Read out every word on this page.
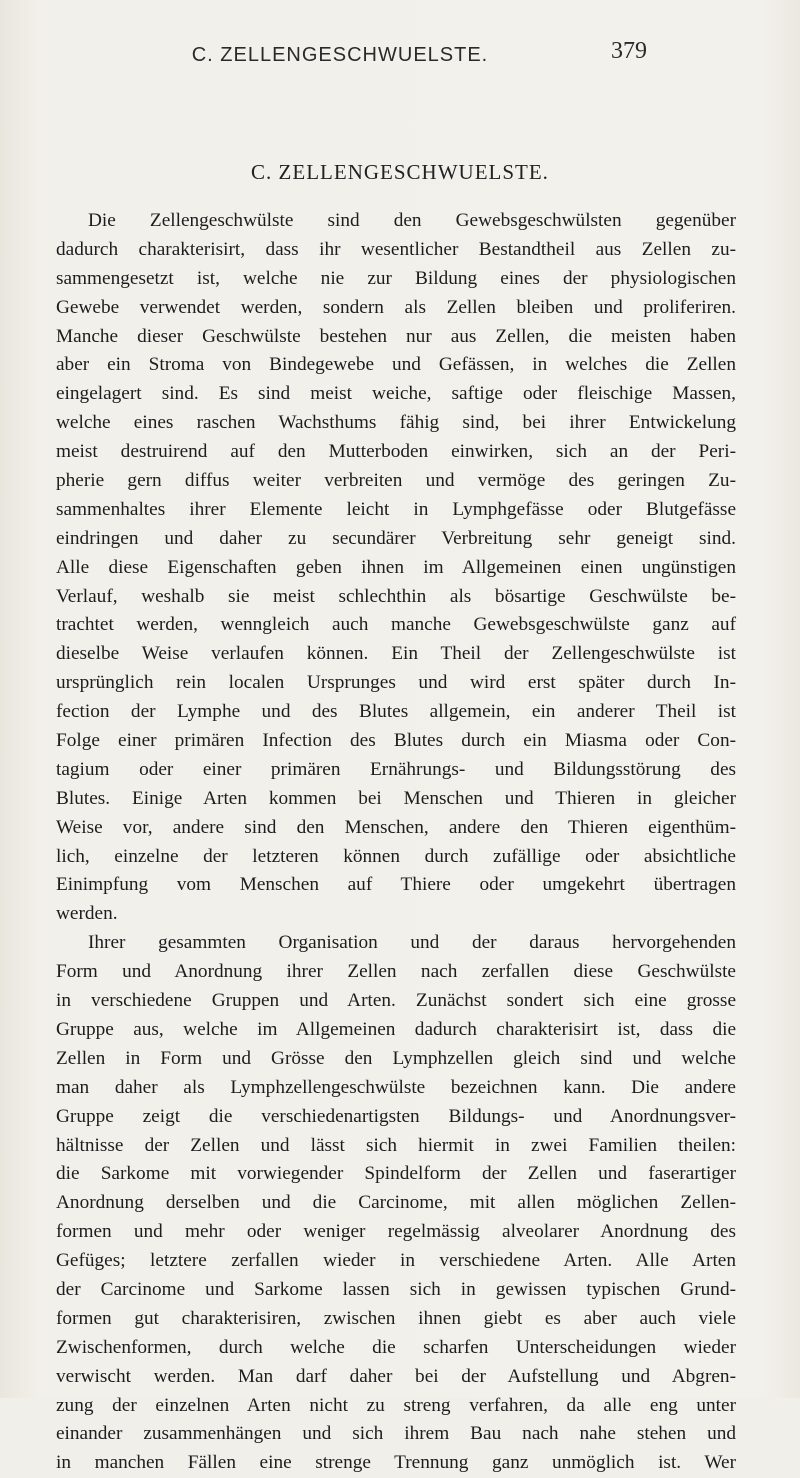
C. ZELLENGESCHWUELSTE.	379
C. ZELLENGESCHWUELSTE.
Die Zellengeschwülste sind den Gewebsgeschwülsten gegenüber
dadurch charakterisirt, dass ihr wesentlicher Bestandtheil aus Zellen zu-
sammengesetzt ist, welche nie zur Bildung eines der physiologischen
Gewebe verwendet werden, sondern als Zellen bleiben und proliferiren.
Manche dieser Geschwülste bestehen nur aus Zellen, die meisten haben
aber ein Stroma von Bindegewebe und Gefässen, in welches die Zellen
eingelagert sind. Es sind meist weiche, saftige oder fleischige Massen,
welche eines raschen Wachsthums fähig sind, bei ihrer Entwickelung
meist destruirend auf den Mutterboden einwirken, sich an der Peri-
pherie gern diffus weiter verbreiten und vermöge des geringen Zu-
sammenhaltes ihrer Elemente leicht in Lymphgefässe oder Blutgefässe
eindringen und daher zu secundärer Verbreitung sehr geneigt sind.
Alle diese Eigenschaften geben ihnen im Allgemeinen einen ungünstigen
Verlauf, weshalb sie meist schlechthin als bösartige Geschwülste be-
trachtet werden, wenngleich auch manche Gewebsgeschwülste ganz auf
dieselbe Weise verlaufen können. Ein Theil der Zellengeschwülste ist
ursprünglich rein localen Ursprunges und wird erst später durch In-
fection der Lymphe und des Blutes allgemein, ein anderer Theil ist
Folge einer primären Infection des Blutes durch ein Miasma oder Con-
tagium oder einer primären Ernährungs- und Bildungsstörung des
Blutes. Einige Arten kommen bei Menschen und Thieren in gleicher
Weise vor, andere sind den Menschen, andere den Thieren eigenthüm-
lich, einzelne der letzteren können durch zufällige oder absichtliche
Einimpfung vom Menschen auf Thiere oder umgekehrt übertragen
werden.
Ihrer gesammten Organisation und der daraus hervorgehenden
Form und Anordnung ihrer Zellen nach zerfallen diese Geschwülste
in verschiedene Gruppen und Arten. Zunächst sondert sich eine grosse
Gruppe aus, welche im Allgemeinen dadurch charakterisirt ist, dass die
Zellen in Form und Grösse den Lymphzellen gleich sind und welche
man daher als Lymphzellengeschwülste bezeichnen kann. Die andere
Gruppe zeigt die verschiedenartigsten Bildungs- und Anordnungsver-
hältnisse der Zellen und lässt sich hiermit in zwei Familien theilen:
die Sarkome mit vorwiegender Spindelform der Zellen und faserartiger
Anordnung derselben und die Carcinome, mit allen möglichen Zellen-
formen und mehr oder weniger regelmässig alveolarer Anordnung des
Gefüges; letztere zerfallen wieder in verschiedene Arten. Alle Arten
der Carcinome und Sarkome lassen sich in gewissen typischen Grund-
formen gut charakterisiren, zwischen ihnen giebt es aber auch viele
Zwischenformen, durch welche die scharfen Unterscheidungen wieder
verwischt werden. Man darf daher bei der Aufstellung und Abgren-
zung der einzelnen Arten nicht zu streng verfahren, da alle eng unter
einander zusammenhängen und sich ihrem Bau nach nahe stehen und
in manchen Fällen eine strenge Trennung ganz unmöglich ist. Wer
